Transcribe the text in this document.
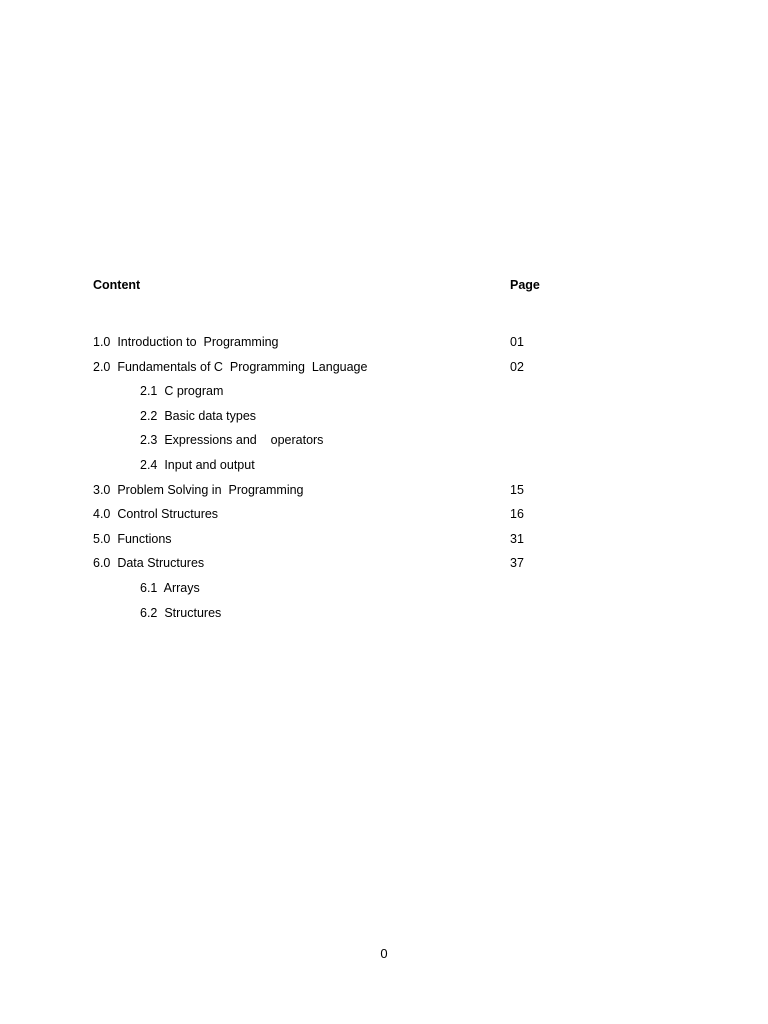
Content	Page
1.0  Introduction to  Programming	01
2.0  Fundamentals of C  Programming  Language	02
2.1  C program
2.2  Basic data types
2.3  Expressions and    operators
2.4  Input and output
3.0  Problem Solving in  Programming	15
4.0  Control Structures	16
5.0  Functions	31
6.0  Data Structures	37
6.1  Arrays
6.2  Structures
0
